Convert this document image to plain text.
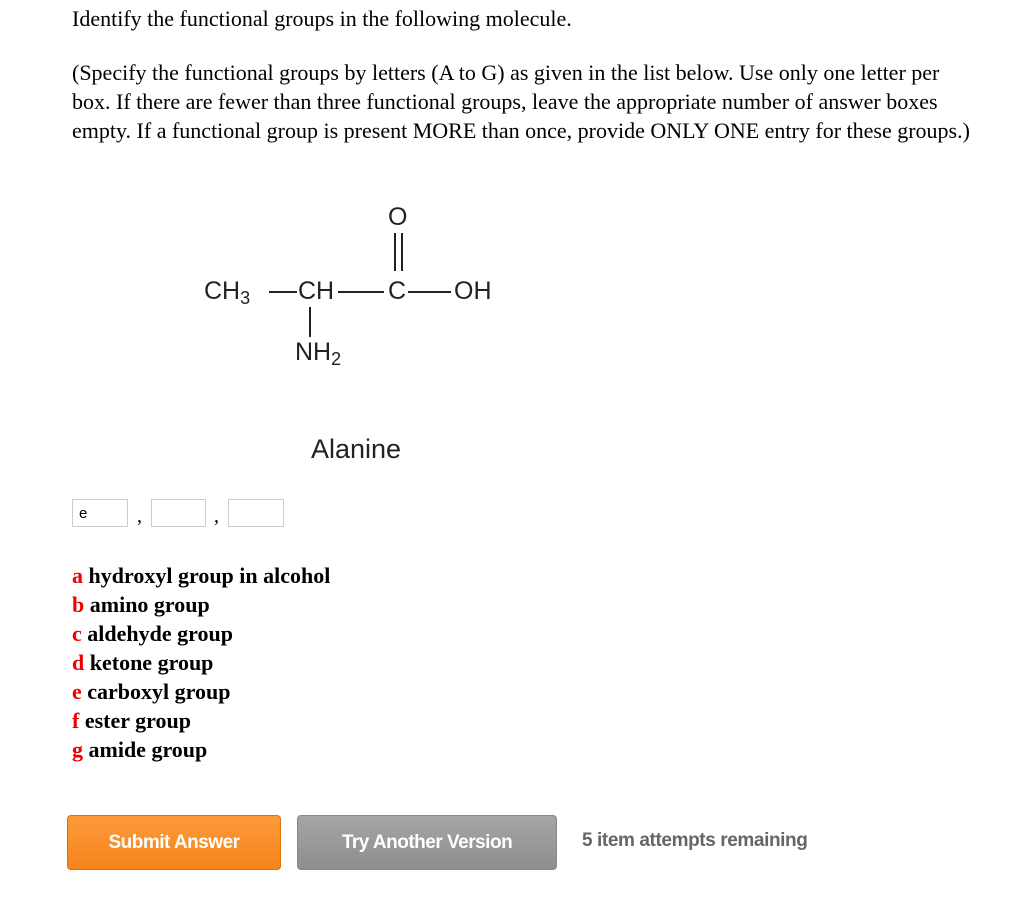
Identify the functional groups in the following molecule.
(Specify the functional groups by letters (A to G) as given in the list below. Use only one letter per box. If there are fewer than three functional groups, leave the appropriate number of answer boxes empty. If a functional group is present MORE than once, provide ONLY ONE entry for these groups.)
O
$CH_3$ CH C OH
$NH_2$
Alanine
e
,	,
a hydroxyl group in alcohol
b amino group
c aldehyde group
d ketone group
e carboxyl group
f ester group
g amide group
Submit Answer	Try Another Version	5 item attempts remaining
